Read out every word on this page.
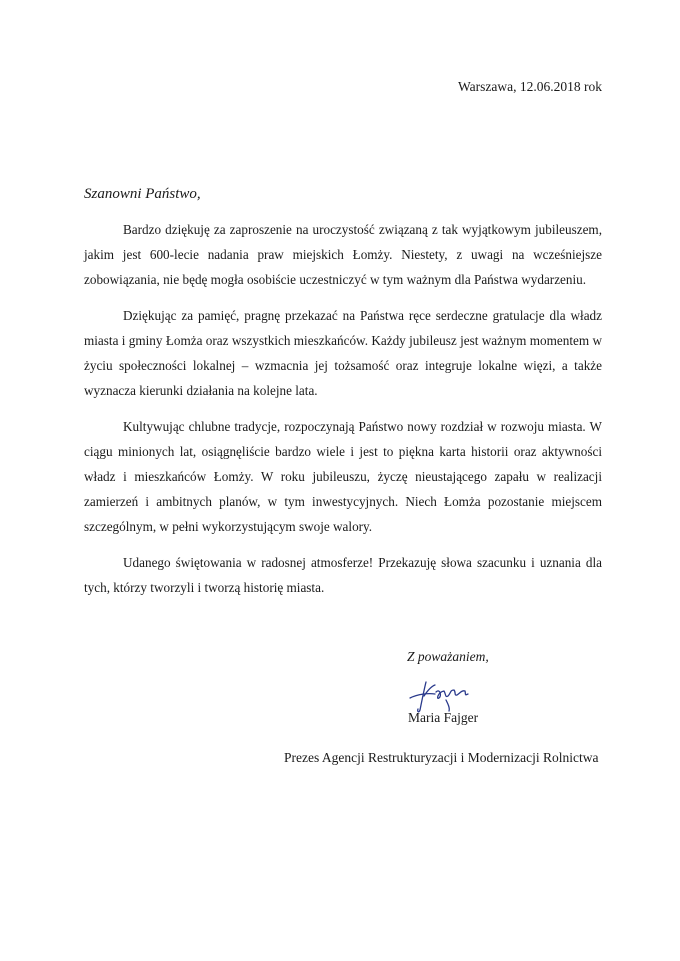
Warszawa, 12.06.2018 rok
Szanowni Państwo,

Bardzo dziękuję za zaproszenie na uroczystość związaną z tak wyjątkowym jubileuszem, jakim jest 600-lecie nadania praw miejskich Łomży. Niestety, z uwagi na wcześniejsze zobowiązania, nie będę mogła osobiście uczestniczyć w tym ważnym dla Państwa wydarzeniu.

Dziękując za pamięć, pragnę przekazać na Państwa ręce serdeczne gratulacje dla władz miasta i gminy Łomża oraz wszystkich mieszkańców. Każdy jubileusz jest ważnym momentem w życiu społeczności lokalnej – wzmacnia jej tożsamość oraz integruje lokalne więzi, a także wyznacza kierunki działania na kolejne lata.

Kultywując chlubne tradycje, rozpoczynają Państwo nowy rozdział w rozwoju miasta. W ciągu minionych lat, osiągnęliście bardzo wiele i jest to piękna karta historii oraz aktywności władz i mieszkańców Łomży. W roku jubileuszu, życzę nieustającego zapału w realizacji zamierzeń i ambitnych planów, w tym inwestycyjnych. Niech Łomża pozostanie miejscem szczególnym, w pełni wykorzystującym swoje walory.

Udanego świętowania w radosnej atmosferze! Przekazuję słowa szacunku i uznania dla tych, którzy tworzyli i tworzą historię miasta.

Z poważaniem,
Maria Fajger
Prezes Agencji Restrukturyzacji i Modernizacji Rolnictwa
